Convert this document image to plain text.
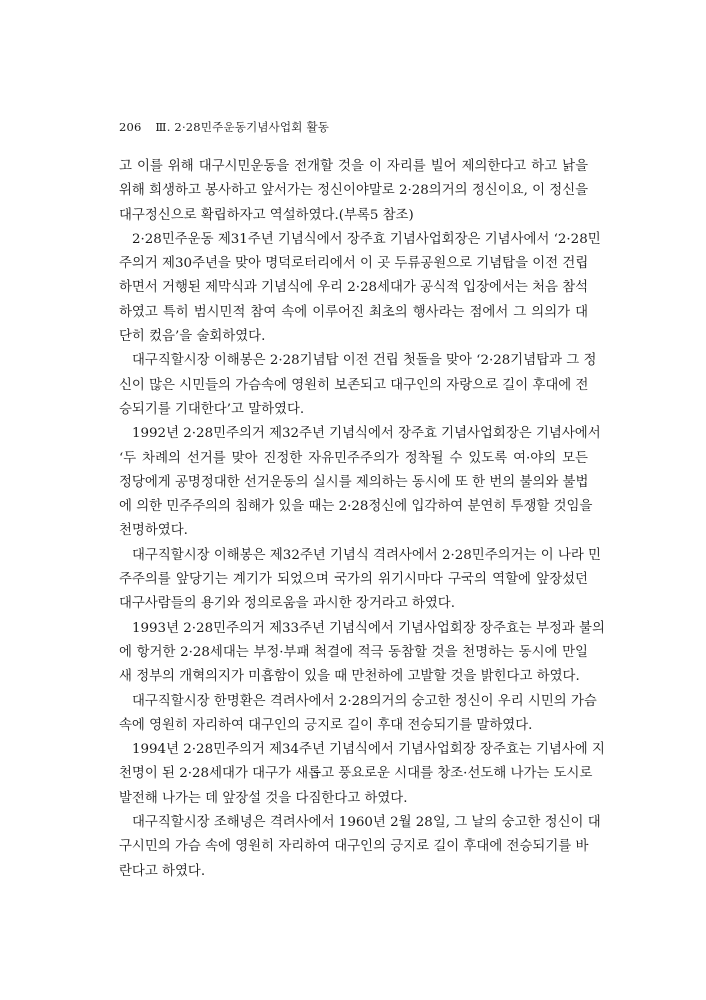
206 Ⅲ. 2·28민주운동기념사업회 활동
고 이를 위해 대구시민운동을 전개할 것을 이 자리를 빌어 제의한다고 하고 낡을
위해 희생하고 봉사하고 앞서가는 정신이야말로 2·28의거의 정신이요, 이 정신을
대구정신으로 확립하자고 역설하였다.(부록5 참조)
2·28민주운동 제31주년 기념식에서 장주효 기념사업회장은 기념사에서 ‘2·28민
주의거 제30주년을 맞아 명덕로터리에서 이 곳 두류공원으로 기념탑을 이전 건립
하면서 거행된 제막식과 기념식에 우리 2·28세대가 공식적 입장에서는 처음 참석
하였고 특히 범시민적 참여 속에 이루어진 최초의 행사라는 점에서 그 의의가 대
단히 컸음’을 술회하였다.
대구직할시장 이해봉은 2·28기념탑 이전 건립 첫돌을 맞아 ‘2·28기념탑과 그 정
신이 많은 시민들의 가슴속에 영원히 보존되고 대구인의 자랑으로 길이 후대에 전
승되기를 기대한다’고 말하였다.
1992년 2·28민주의거 제32주년 기념식에서 장주효 기념사업회장은 기념사에서
‘두 차례의 선거를 맞아 진정한 자유민주주의가 정착될 수 있도록 여·야의 모든
정당에게 공명정대한 선거운동의 실시를 제의하는 동시에 또 한 번의 불의와 불법
에 의한 민주주의의 침해가 있을 때는 2·28정신에 입각하여 분연히 투쟁할 것임을
천명하였다.
대구직할시장 이해봉은 제32주년 기념식 격려사에서 2·28민주의거는 이 나라 민
주주의를 앞당기는 계기가 되었으며 국가의 위기시마다 구국의 역할에 앞장섰던
대구사람들의 용기와 정의로움을 과시한 장거라고 하였다.
1993년 2·28민주의거 제33주년 기념식에서 기념사업회장 장주효는 부정과 불의
에 항거한 2·28세대는 부정·부패 척결에 적극 동참할 것을 천명하는 동시에 만일
새 정부의 개혁의지가 미흡함이 있을 때 만천하에 고발할 것을 밝힌다고 하였다.
대구직할시장 한명환은 격려사에서 2·28의거의 숭고한 정신이 우리 시민의 가슴
속에 영원히 자리하여 대구인의 긍지로 길이 후대 전승되기를 말하였다.
1994년 2·28민주의거 제34주년 기념식에서 기념사업회장 장주효는 기념사에 지
천명이 된 2·28세대가 대구가 새롭고 풍요로운 시대를 창조·선도해 나가는 도시로
발전해 나가는 데 앞장설 것을 다짐한다고 하였다.
대구직할시장 조해녕은 격려사에서 1960년 2월 28일, 그 날의 숭고한 정신이 대
구시민의 가슴 속에 영원히 자리하여 대구인의 긍지로 길이 후대에 전승되기를 바
란다고 하였다.
